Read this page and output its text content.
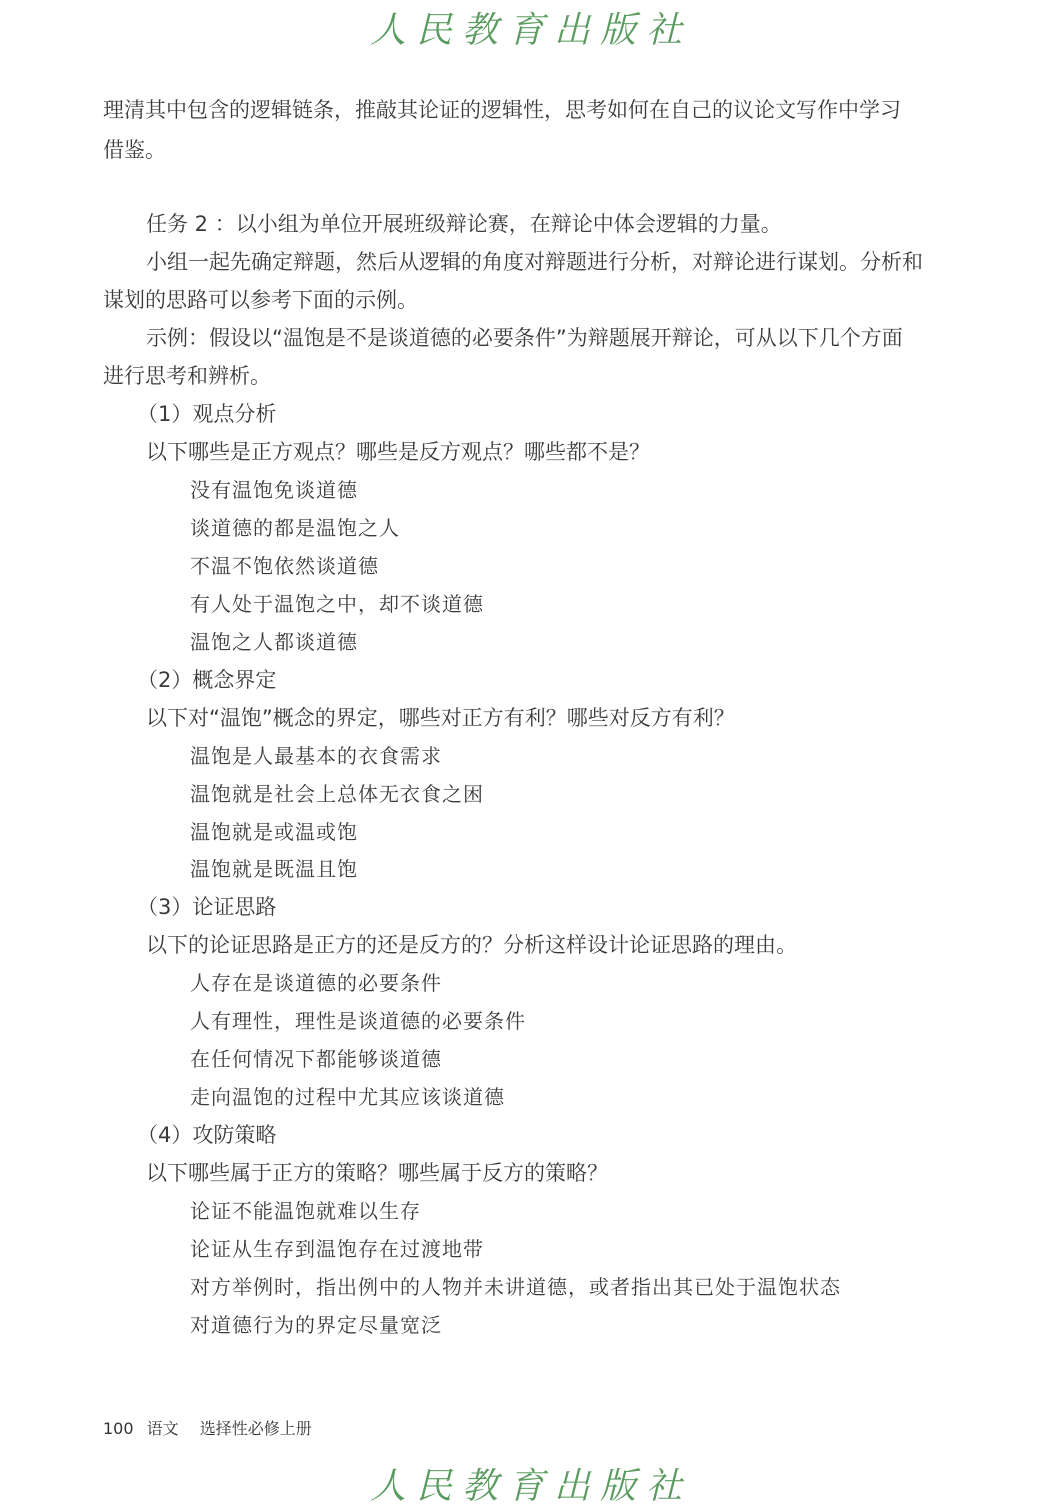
人民教育出版社
理清其中包含的逻辑链条，推敲其论证的逻辑性，思考如何在自己的议论文写作中学习
借鉴。
任务 2 ：以小组为单位开展班级辩论赛，在辩论中体会逻辑的力量。
小组一起先确定辩题，然后从逻辑的角度对辩题进行分析，对辩论进行谋划。分析和
谋划的思路可以参考下面的示例。
示例：假设以“温饱是不是谈道德的必要条件”为辩题展开辩论，可从以下几个方面
进行思考和辨析。
（1）观点分析
以下哪些是正方观点？哪些是反方观点？哪些都不是？
没有温饱免谈道德
谈道德的都是温饱之人
不温不饱依然谈道德
有人处于温饱之中，却不谈道德
温饱之人都谈道德
（2）概念界定
以下对“温饱”概念的界定，哪些对正方有利？哪些对反方有利？
温饱是人最基本的衣食需求
温饱就是社会上总体无衣食之困
温饱就是或温或饱
温饱就是既温且饱
（3）论证思路
以下的论证思路是正方的还是反方的？分析这样设计论证思路的理由。
人存在是谈道德的必要条件
人有理性，理性是谈道德的必要条件
在任何情况下都能够谈道德
走向温饱的过程中尤其应该谈道德
（4）攻防策略
以下哪些属于正方的策略？哪些属于反方的策略？
论证不能温饱就难以生存
论证从生存到温饱存在过渡地带
对方举例时，指出例中的人物并未讲道德，或者指出其已处于温饱状态
对道德行为的界定尽量宽泛
100 语文 选择性必修上册
人民教育出版社
